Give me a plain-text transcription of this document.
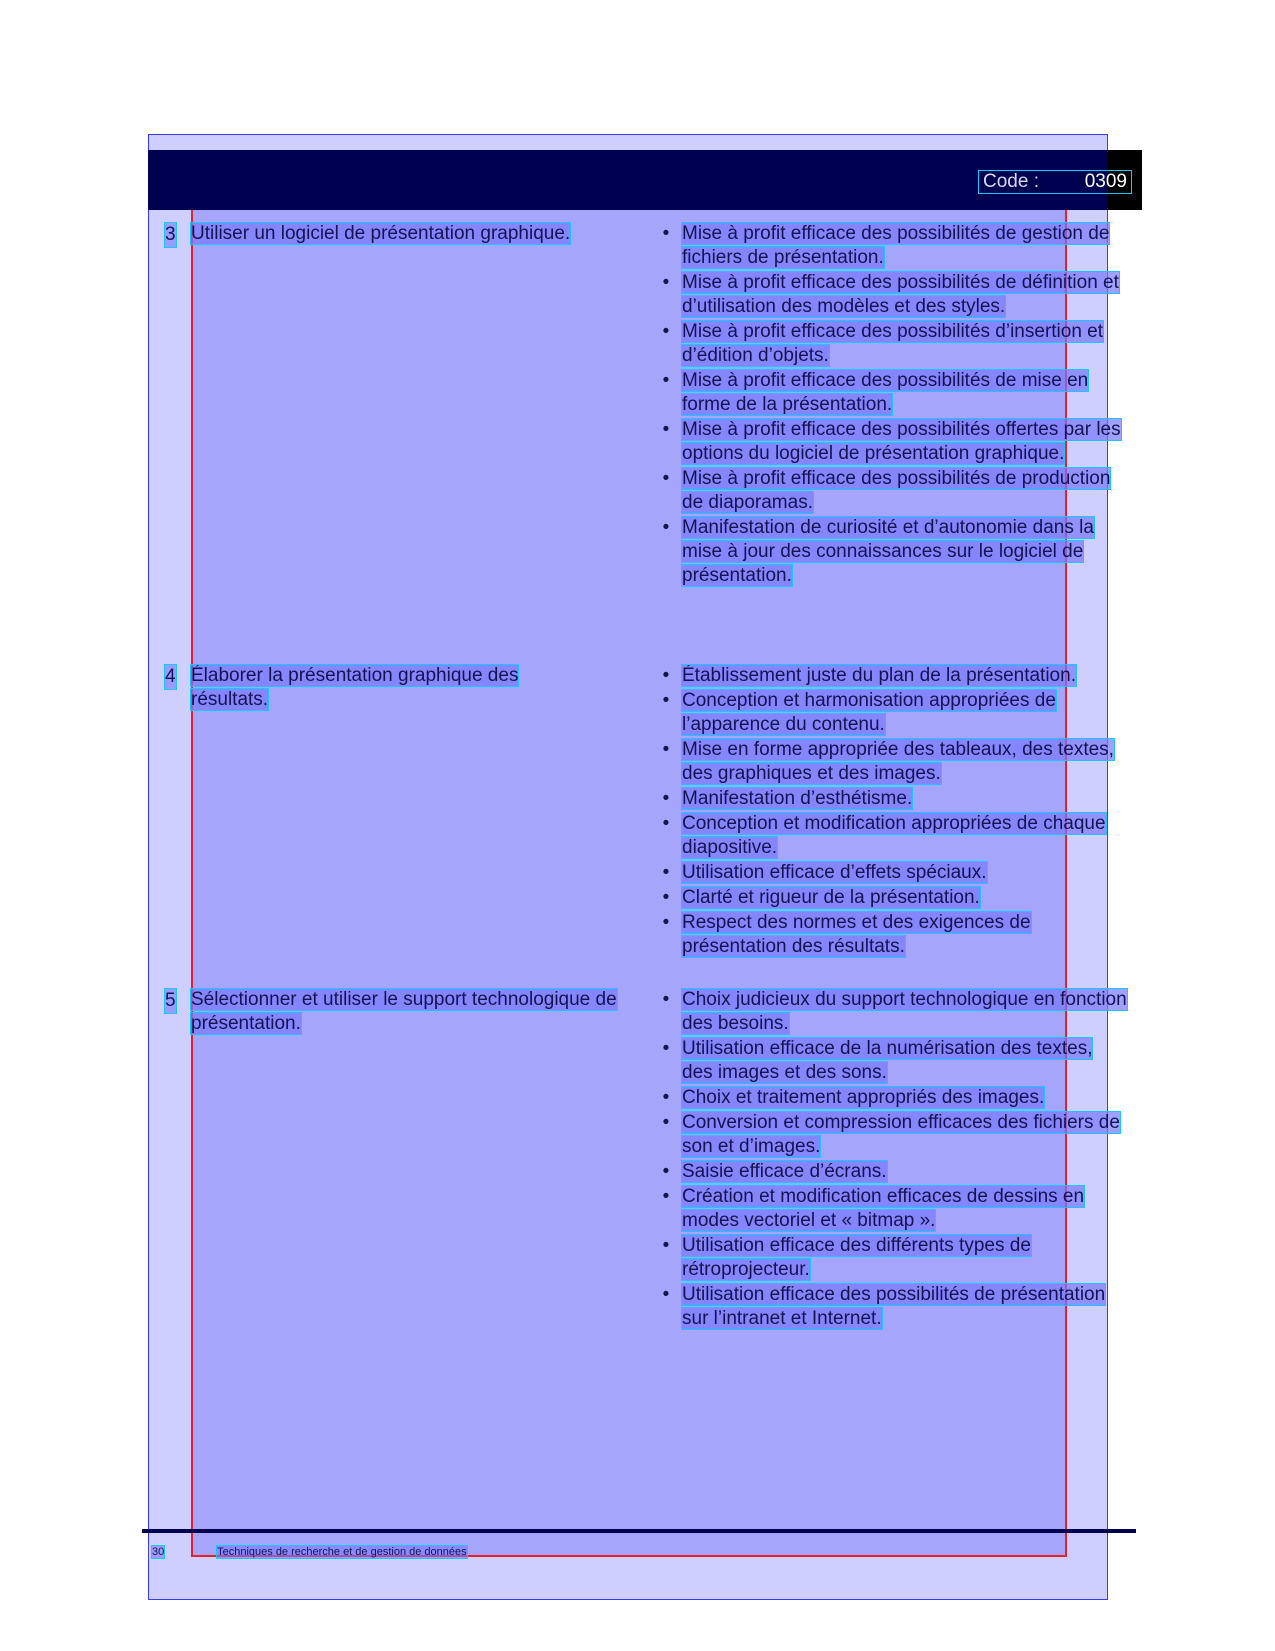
Code : 0309
3 Utiliser un logiciel de présentation graphique.	• Mise à profit efficace des possibilités de gestion de fichiers de présentation.
• Mise à profit efficace des possibilités de définition et d’utilisation des modèles et des styles.
• Mise à profit efficace des possibilités d’insertion et d’édition d’objets.
• Mise à profit efficace des possibilités de mise en forme de la présentation.
• Mise à profit efficace des possibilités offertes par les options du logiciel de présentation graphique.
• Mise à profit efficace des possibilités de production de diaporamas.
• Manifestation de curiosité et d’autonomie dans la mise à jour des connaissances sur le logiciel de présentation.
4 Élaborer la présentation graphique des résultats.
• Établissement juste du plan de la présentation.
• Conception et harmonisation appropriées de l’apparence du contenu.
• Mise en forme appropriée des tableaux, des textes, des graphiques et des images.
• Manifestation d’esthétisme.
• Conception et modification appropriées de chaque diapositive.
• Utilisation efficace d’effets spéciaux.
• Clarté et rigueur de la présentation.
• Respect des normes et des exigences de présentation des résultats.
5 Sélectionner et utiliser le support technologique de présentation.
• Choix judicieux du support technologique en fonction des besoins.
• Utilisation efficace de la numérisation des textes, des images et des sons.
• Choix et traitement appropriés des images.
• Conversion et compression efficaces des fichiers de son et d’images.
• Saisie efficace d’écrans.
• Création et modification efficaces de dessins en modes vectoriel et « bitmap ».
• Utilisation efficace des différents types de rétroprojecteur.
• Utilisation efficace des possibilités de présentation sur l’intranet et Internet.
30	Techniques de recherche et de gestion de données
